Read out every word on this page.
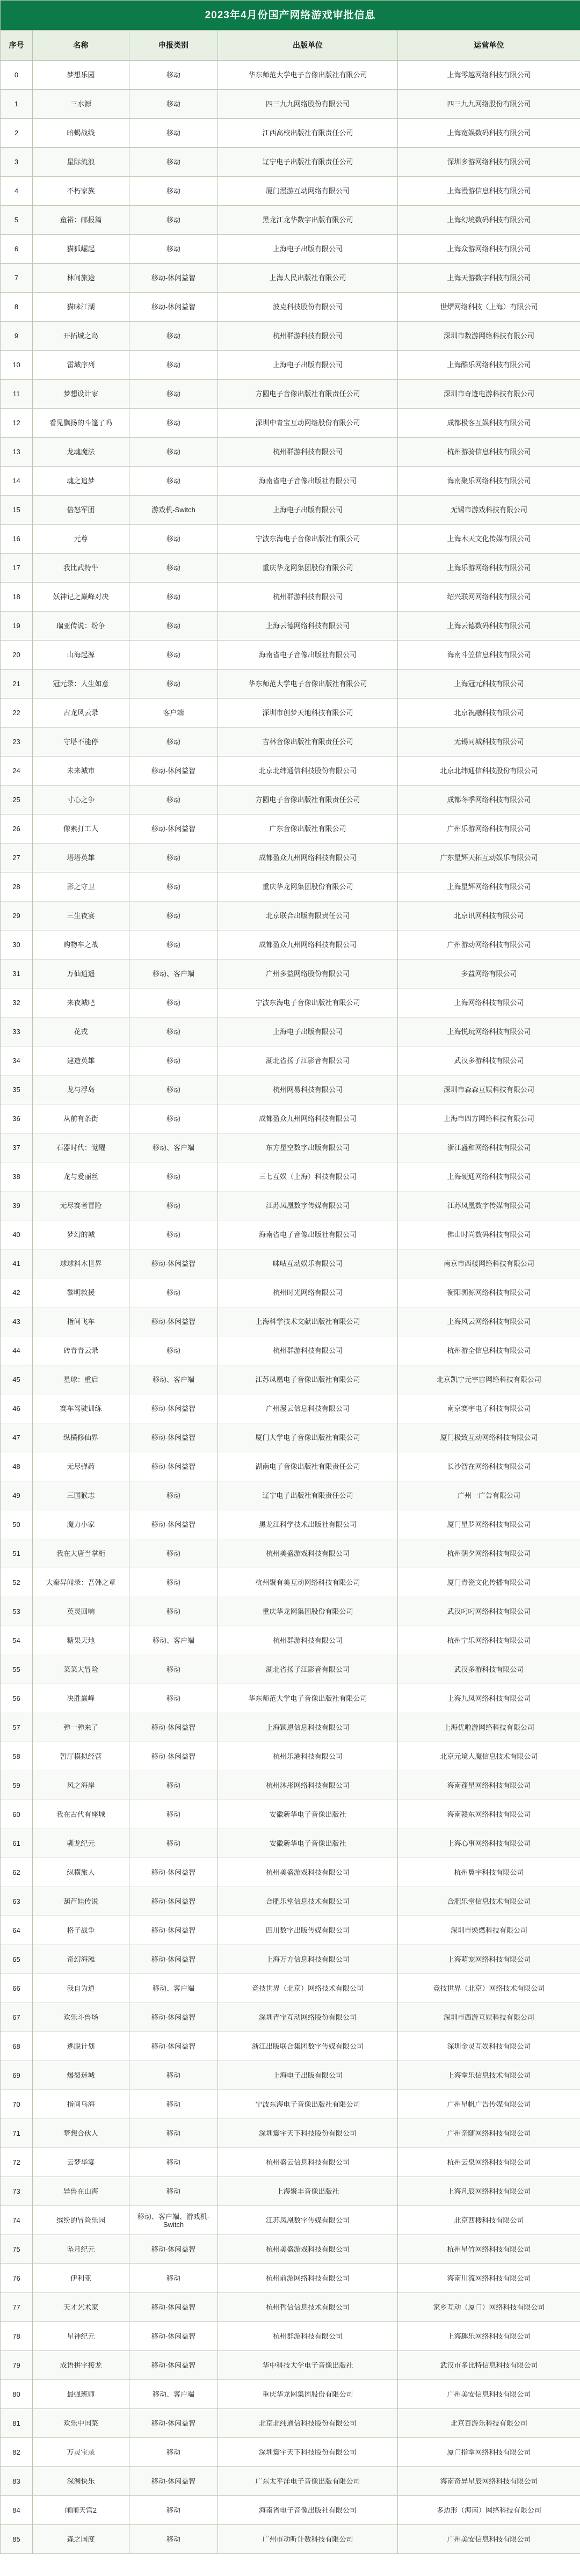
2023年4月份国产网络游戏审批信息				
序号	名称	申报类别	出版单位	运营单位
0	梦想乐园	移动	华东师范大学电子音像出版社有限公司	上海零越网络科技有限公司
1	三水源	移动	四三九九网络股份有限公司	四三九九网络股份有限公司
2	暗蝎战线	移动	江西高校出版社有限责任公司	上海宽娱数码科技有限公司
3	星际流浪	移动	辽宁电子出版社有限责任公司	深圳多游网络科技有限公司
4	不朽家族	移动	厦门漫游互动网络有限公司	上海漫游信息科技有限公司
5	童裕：邮报篇	移动	黑龙江龙华数字出版有限公司	上海幻境数码科技有限公司
6	猫狐崛起	移动	上海电子出版有限公司	上海众游网络科技有限公司
7	林间旅途	移动-休闲益智	上海人民出版社有限公司	上海天游数字科技有限公司
8	猫咪江湖	移动-休闲益智	波克科技股份有限公司	世熠网络科技（上海）有限公司
9	开拓城之岛	移动	杭州群游科技有限公司	深圳市数游网络科技有限公司
10	雷域序列	移动	上海电子出版有限公司	上海酷乐网络科技有限公司
11	梦想设计家	移动	方圆电子音像出版社有限责任公司	深圳市奇迹电游科技有限公司
12	看见飘扬的斗篷了吗	移动	深圳中青宝互动网络股份有限公司	成都极客互娱科技有限公司
13	龙魂魔法	移动	杭州群游科技有限公司	杭州游骑信息科技有限公司
14	魂之追梦	移动	海南省电子音像出版社有限公司	海南聚乐网络科技有限公司
15	倍怒军团	游戏机-Switch	上海电子出版有限公司	无锡市游戏科技有限公司
16	元尊	移动	宁波东海电子音像出版社有限公司	上海木天文化传媒有限公司
17	我比武特牛	移动	重庆华龙网集团股份有限公司	上海乐游网络科技有限公司
18	妖神记之巅峰对决	移动	杭州群游科技有限公司	绍兴联网网络科技有限公司
19	瑞亚传说：纷争	移动	上海云德网络科技有限公司	上海云德数码科技有限公司
20	山海起源	移动	海南省电子音像出版社有限公司	海南斗笠信息科技有限公司
21	冠元录：人生如意	移动	华东师范大学电子音像出版社有限公司	上海冠元科技有限公司
22	古龙风云录	客户端	深圳市创梦天地科技有限公司	北京祝融科技有限公司
23	守塔不能停	移动	吉林音像出版社有限责任公司	无锡同城科技有限公司
24	未来城市	移动-休闲益智	北京北纬通信科技股份有限公司	北京北纬通信科技股份有限公司
25	寸心之争	移动	方圆电子音像出版社有限责任公司	成都冬季网络科技有限公司
26	像素打工人	移动-休闲益智	广东音像出版社有限公司	广州乐游网络科技有限公司
27	塔塔英雄	移动	成都盈众九州网络科技有限公司	广东星辉天拓互动娱乐有限公司
28	影之守卫	移动	重庆华龙网集团股份有限公司	上海星辉网络科技有限公司
29	三生夜宴	移动	北京联合出版有限责任公司	北京讯网科技有限公司
30	购物车之战	移动	成都盈众九州网络科技有限公司	广州游动网络科技有限公司
31	万仙逍遥	移动、客户端	广州多益网络股份有限公司	多益网络有限公司
32	来夜城吧	移动	宁波东海电子音像出版社有限公司	上海网络科技有限公司
33	花戎	移动	上海电子出版有限公司	上海悦玩网络科技有限公司
34	建造英雄	移动	湖北省扬子江影音有限公司	武汉多游科技有限公司
35	龙与浮岛	移动	杭州网易科技有限公司	深圳市森森互娱科技有限公司
36	从前有条街	移动	成都盈众九州网络科技有限公司	上海市四方网络科技有限公司
37	石器时代：觉醒	移动、客户端	东方星空数字出版有限公司	浙江盛和网络科技有限公司
38	龙与爱丽丝	移动	三七互娱（上海）科技有限公司	上海硬通网络科技有限公司
39	无尽赛者冒险	移动	江苏凤凰数字传媒有限公司	江苏凤凰数字传媒有限公司
40	梦幻的城	移动	海南省电子音像出版社有限公司	佛山时尚数码科技有限公司
41	球球料木世界	移动-休闲益智	咪咕互动娱乐有限公司	南京市西楼网络科技有限公司
42	黎明救援	移动	杭州时光网络有限公司	衡阳溯源网络科技有限公司
43	指间飞车	移动-休闲益智	上海科学技术文献出版社有限公司	上海风云网络科技有限公司
44	砖青青云录	移动	杭州群游科技有限公司	杭州游全信息科技有限公司
45	星球：重启	移动、客户端	江苏凤凰电子音像出版社有限公司	北京凯宁元宇宙网络科技有限公司
46	赛车驾驶训练	移动-休闲益智	广州漫云信息科技有限公司	南京赛宇电子科技有限公司
47	纵横修仙界	移动-休闲益智	厦门大学电子音像出版社有限公司	厦门极致互动网络科技有限公司
48	无尽弹药	移动-休闲益智	湖南电子音像出版社有限责任公司	长沙智在网络科技有限公司
49	三国猴志	移动	辽宁电子出版社有限责任公司	广州一广告有限公司
50	魔力小家	移动-休闲益智	黑龙江科学技术出版社有限公司	厦门星罗网络科技有限公司
51	我在大唐当掌柜	移动	杭州美盛游戏科技有限公司	杭州朝夕网络科技有限公司
52	大秦异闻录：吾韩之章	移动	杭州聚有美互动网络科技有限公司	厦门青瓷文化传播有限公司
53	英灵回响	移动	重庆华龙网集团股份有限公司	武汉叼叼网络科技有限公司
54	糖果天地	移动、客户端	杭州群游科技有限公司	杭州宁乐网络科技有限公司
55	菜菜大冒险	移动	湖北省扬子江影音有限公司	武汉多游科技有限公司
56	决胜巅峰	移动	华东师范大学电子音像出版社有限公司	上海九凤网络科技有限公司
57	弹一弹来了	移动-休闲益智	上海颖恩信息科技有限公司	上海优啦游网络科技有限公司
58	暂厅模拟经营	移动-休闲益智	杭州乐港科技有限公司	北京元境人魔信息技术有限公司
59	风之海岸	移动	杭州沐彤网络科技有限公司	海南蓬星网络科技有限公司
60	我在古代有座城	移动	安徽新华电子音像出版社	海南赣东网络科技有限公司
61	驯龙纪元	移动	安徽新华电子音像出版社	上海心事网络科技有限公司
62	纵横旅人	移动-休闲益智	杭州美盛游戏科技有限公司	杭州翼宇科技有限公司
63	葫芦娃传说	移动-休闲益智	合肥乐堂信息技术有限公司	合肥乐堂信息技术有限公司
64	格子战争	移动-休闲益智	四川数字出版传媒有限公司	深圳市焕燃科技有限公司
65	奇幻海滩	移动-休闲益智	上海万方信息科技有限公司	上海萌宠网络科技有限公司
66	我自为道	移动、客户端	竞技世界（北京）网络技术有限公司	竞技世界（北京）网络技术有限公司
67	欢乐斗兽场	移动-休闲益智	深圳青宝互动网络股份有限公司	深圳市西游互娱科技有限公司
68	逃脱计划	移动-休闲益智	浙江出版联合集团数字传媒有限公司	深圳金灵互娱科技有限公司
69	爆裂迷城	移动	上海电子出版有限公司	上海掌乐信息技术有限公司
70	指间乌海	移动	宁波东海电子音像出版社有限公司	广州星帆广告传媒有限公司
71	梦想合伙人	移动	深圳寰宇天下科技股份有限公司	广州亲随网络科技有限公司
72	云梦华宴	移动	杭州盛云信息科技有限公司	杭州云泉网络科技有限公司
73	异兽在山海	移动	上海聚丰音像出版社	上海凡辰网络科技有限公司
74	缤纷的冒险乐园	移动、客户端、游戏机-Switch	江苏凤凰数字传媒有限公司	北京西楼科技有限公司
75	坠月纪元	移动-休闲益智	杭州美盛游戏科技有限公司	杭州星竹网络科技有限公司
76	伊利亚	移动	杭州前游网络科技有限公司	海南川流网络科技有限公司
77	天才艺术家	移动-休闲益智	杭州哲信信息技术有限公司	家乡互动（厦门）网络科技有限公司
78	星神纪元	移动-休闲益智	杭州群游科技有限公司	上海趣乐网络科技有限公司
79	成语拼字接龙	移动-休闲益智	华中科技大学电子音像出版社	武汉市多比特信息科技有限公司
80	最强班师	移动、客户端	重庆华龙网集团股份有限公司	广州美安信息科技有限公司
81	欢乐中国菜	移动-休闲益智	北京北纬通信科技股份有限公司	北京百游乐科技有限公司
82	万灵宝录	移动	深圳寰宇天下科技股份有限公司	厦门指掌网络科技有限公司
83	深渊快乐	移动-休闲益智	广东太平洋电子音像出版有限公司	海南奇异星辰网络科技有限公司
84	闹闹天宫2	移动	海南省电子音像出版社有限公司	多边形（海南）网络科技有限公司
85	森之国度	移动	广州市动听计数科技有限公司	广州美安信息科技有限公司
